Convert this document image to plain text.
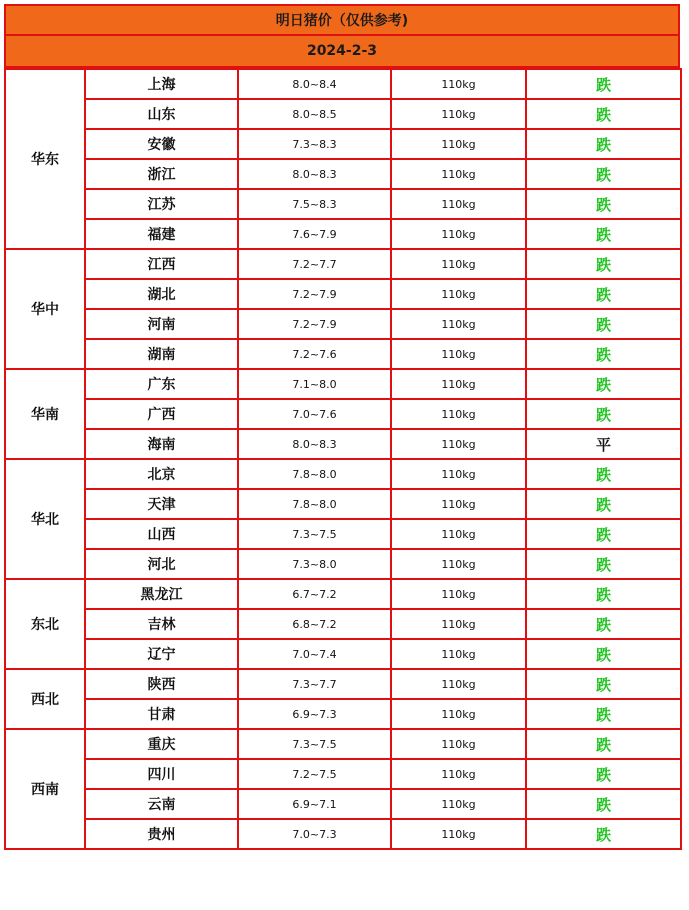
明日猪价（仅供参考)
2024-2-3
华东	上海	8.0~8.4	110kg	跌
	山东	8.0~8.5	110kg	跌
	安徽	7.3~8.3	110kg	跌
	浙江	8.0~8.3	110kg	跌
	江苏	7.5~8.3	110kg	跌
	福建	7.6~7.9	110kg	跌
华中	江西	7.2~7.7	110kg	跌
	湖北	7.2~7.9	110kg	跌
	河南	7.2~7.9	110kg	跌
	湖南	7.2~7.6	110kg	跌
华南	广东	7.1~8.0	110kg	跌
	广西	7.0~7.6	110kg	跌
	海南	8.0~8.3	110kg	平
华北	北京	7.8~8.0	110kg	跌
	天津	7.8~8.0	110kg	跌
	山西	7.3~7.5	110kg	跌
	河北	7.3~8.0	110kg	跌
东北	黑龙江	6.7~7.2	110kg	跌
	吉林	6.8~7.2	110kg	跌
	辽宁	7.0~7.4	110kg	跌
西北	陕西	7.3~7.7	110kg	跌
	甘肃	6.9~7.3	110kg	跌
西南	重庆	7.3~7.5	110kg	跌
	四川	7.2~7.5	110kg	跌
	云南	6.9~7.1	110kg	跌
	贵州	7.0~7.3	110kg	跌
